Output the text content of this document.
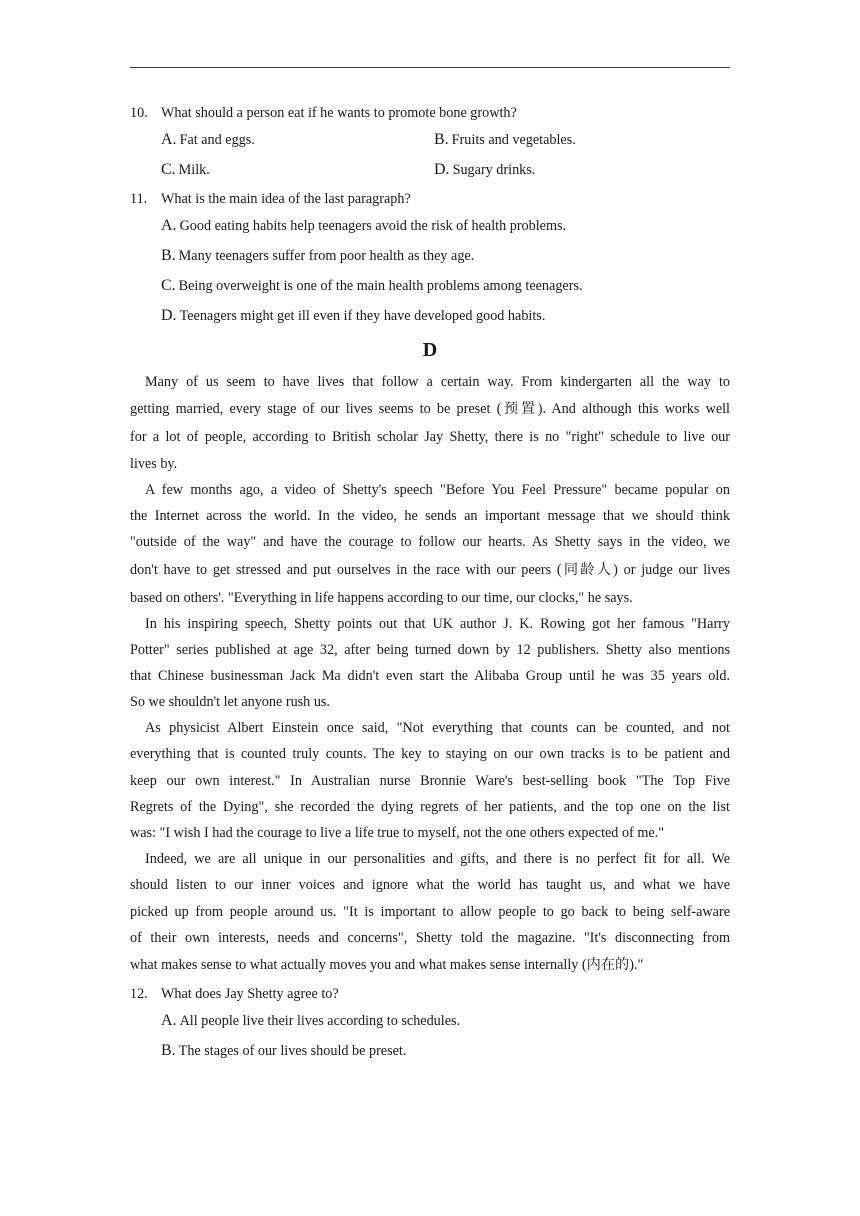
10. What should a person eat if he wants to promote bone growth?
A. Fat and eggs.	B. Fruits and vegetables.
C. Milk.	D. Sugary drinks.
11. What is the main idea of the last paragraph?
A. Good eating habits help teenagers avoid the risk of health problems.
B. Many teenagers suffer from poor health as they age.
C. Being overweight is one of the main health problems among teenagers.
D. Teenagers might get ill even if they have developed good habits.
D
Many of us seem to have lives that follow a certain way. From kindergarten all the way to
getting married, every stage of our lives seems to be preset (预置). And although this works well
for a lot of people, according to British scholar Jay Shetty, there is no "right" schedule to live our
lives by.
A few months ago, a video of Shetty's speech "Before You Feel Pressure" became popular on
the Internet across the world. In the video, he sends an important message that we should think
"outside of the way" and have the courage to follow our hearts. As Shetty says in the video, we
don't have to get stressed and put ourselves in the race with our peers (同龄人) or judge our lives
based on others'. "Everything in life happens according to our time, our clocks," he says.
In his inspiring speech, Shetty points out that UK author J. K. Rowing got her famous "Harry
Potter" series published at age 32, after being turned down by 12 publishers. Shetty also mentions
that Chinese businessman Jack Ma didn't even start the Alibaba Group until he was 35 years old.
So we shouldn't let anyone rush us.
As physicist Albert Einstein once said, "Not everything that counts can be counted, and not
everything that is counted truly counts. The key to staying on our own tracks is to be patient and
keep our own interest." In Australian nurse Bronnie Ware's best-selling book "The Top Five
Regrets of the Dying", she recorded the dying regrets of her patients, and the top one on the list
was: "I wish I had the courage to live a life true to myself, not the one others expected of me."
Indeed, we are all unique in our personalities and gifts, and there is no perfect fit for all. We
should listen to our inner voices and ignore what the world has taught us, and what we have
picked up from people around us. "It is important to allow people to go back to being self-aware
of their own interests, needs and concerns", Shetty told the magazine. "It's disconnecting from
what makes sense to what actually moves you and what makes sense internally (内在的)."
12. What does Jay Shetty agree to?
A. All people live their lives according to schedules.
B. The stages of our lives should be preset.
